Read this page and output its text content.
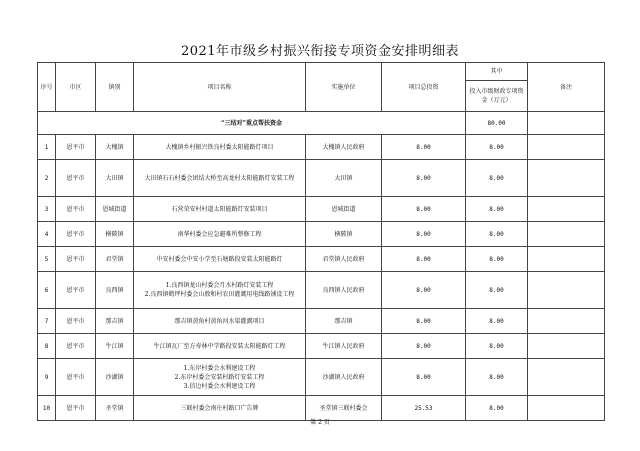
2021年市级乡村振兴衔接专项资金安排明细表
序号	市区	镇别	项目名称	实施单位	项目总投资	其中	备注
						投入市级财政专项资金（万元）	
“三结对”重点帮扶资金						80.00	
1	恩平市	大槐镇	大槐镇乡村振兴铁良村委太阳能路灯项目	大槐镇人民政府	8.00	8.00	
2	恩平市	大田镇	大田镇石石村委会团结大桥至高龙村太阳能路灯安装工程	大田镇	8.00	8.00	
3	恩平市	恩城街道	石营荣安村村道太阳能路灯安装项目	恩城街道	8.00	8.00	
4	恩平市	横陂镇	南华村委会应急避难所整修工程	横陂镇	8.00	8.00	
5	恩平市	君堂镇	中安村委会中安小学至石塘路段安装太阳能路灯	君堂镇人民政府	8.00	8.00	
6	恩平市	良西镇	1.良西镇龙山村委会月水村路灯安装工程
2.良西镇鹤坪村委会山敦和村农田灌溉用电线路铺设工程	良西镇人民政府	8.00	8.00	
7	恩平市	那吉镇	那吉镇黄角村黄角河水渠灌溉项目	那吉镇	8.00	8.00	
8	恩平市	牛江镇	牛江镇瓦厂至方寿林中学路段安装太阳能路灯工程	牛江镇人民政府	8.00	8.00	
9	恩平市	沙湖镇	1.东岸村委会水利建设工程
2.东岸村委会安装村路灯安装工程
3.信边村委会水利建设工程	沙湖镇人民政府	8.00	8.00	
10	恩平市	圣堂镇	三联村委会南庄村路口广告牌	圣堂镇三联村委会	25.53	8.00	
第 2 页
